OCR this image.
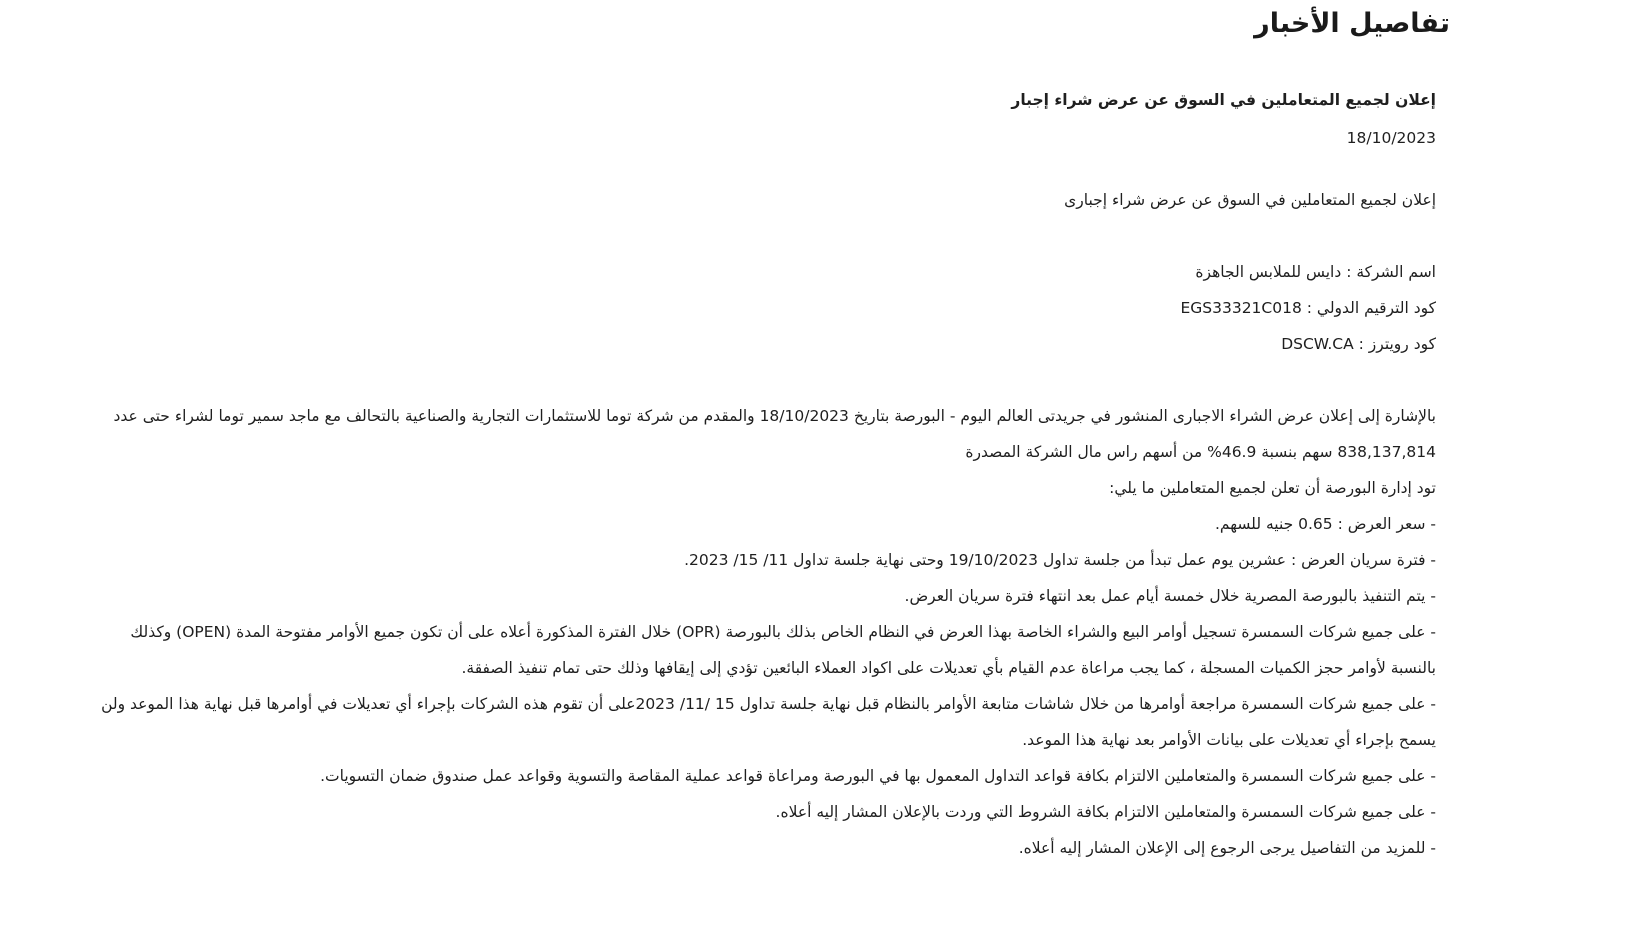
تفاصيل الأخبار

إعلان لجميع المتعاملين في السوق عن عرض شراء إجبار

18/10/2023

إعلان لجميع المتعاملين في السوق عن عرض شراء إجبارى

اسم الشركة : دايس للملابس الجاهزة

كود الترقيم الدولي : EGS33321C018

كود رويترز : DSCW.CA

بالإشارة إلى إعلان عرض الشراء الاجبارى المنشور في جريدتى العالم اليوم - البورصة بتاريخ 18/10/2023 والمقدم من شركة توما للاستثمارات التجارية والصناعية بالتحالف مع ماجد سمير توما لشراء حتى عدد 838,137,814 سهم بنسبة 46.9% من أسهم راس مال الشركة المصدرة

تود إدارة البورصة أن تعلن لجميع المتعاملين ما يلي:

- سعر العرض : 0.65 جنيه للسهم.

- فترة سريان العرض : عشرين يوم عمل تبدأ من جلسة تداول 19/10/2023 وحتى نهاية جلسة تداول 11/ 15/ 2023.

- يتم التنفيذ بالبورصة المصرية خلال خمسة أيام عمل بعد انتهاء فترة سريان العرض.

- على جميع شركات السمسرة تسجيل أوامر البيع والشراء الخاصة بهذا العرض في النظام الخاص بذلك بالبورصة (OPR) خلال الفترة المذكورة أعلاه على أن تكون جميع الأوامر مفتوحة المدة (OPEN) وكذلك بالنسبة لأوامر حجز الكميات المسجلة ، كما يجب مراعاة عدم القيام بأي تعديلات على اكواد العملاء البائعين تؤدي إلى إيقافها وذلك حتى تمام تنفيذ الصفقة.

- على جميع شركات السمسرة مراجعة أوامرها من خلال شاشات متابعة الأوامر بالنظام قبل نهاية جلسة تداول 15 /11/ 2023على أن تقوم هذه الشركات بإجراء أي تعديلات في أوامرها قبل نهاية هذا الموعد ولن يسمح بإجراء أي تعديلات على بيانات الأوامر بعد نهاية هذا الموعد.

- على جميع شركات السمسرة والمتعاملين الالتزام بكافة قواعد التداول المعمول بها في البورصة ومراعاة قواعد عملية المقاصة والتسوية وقواعد عمل صندوق ضمان التسويات.

- على جميع شركات السمسرة والمتعاملين الالتزام بكافة الشروط التي وردت بالإعلان المشار إليه أعلاه.

- للمزيد من التفاصيل يرجى الرجوع إلى الإعلان المشار إليه أعلاه.
